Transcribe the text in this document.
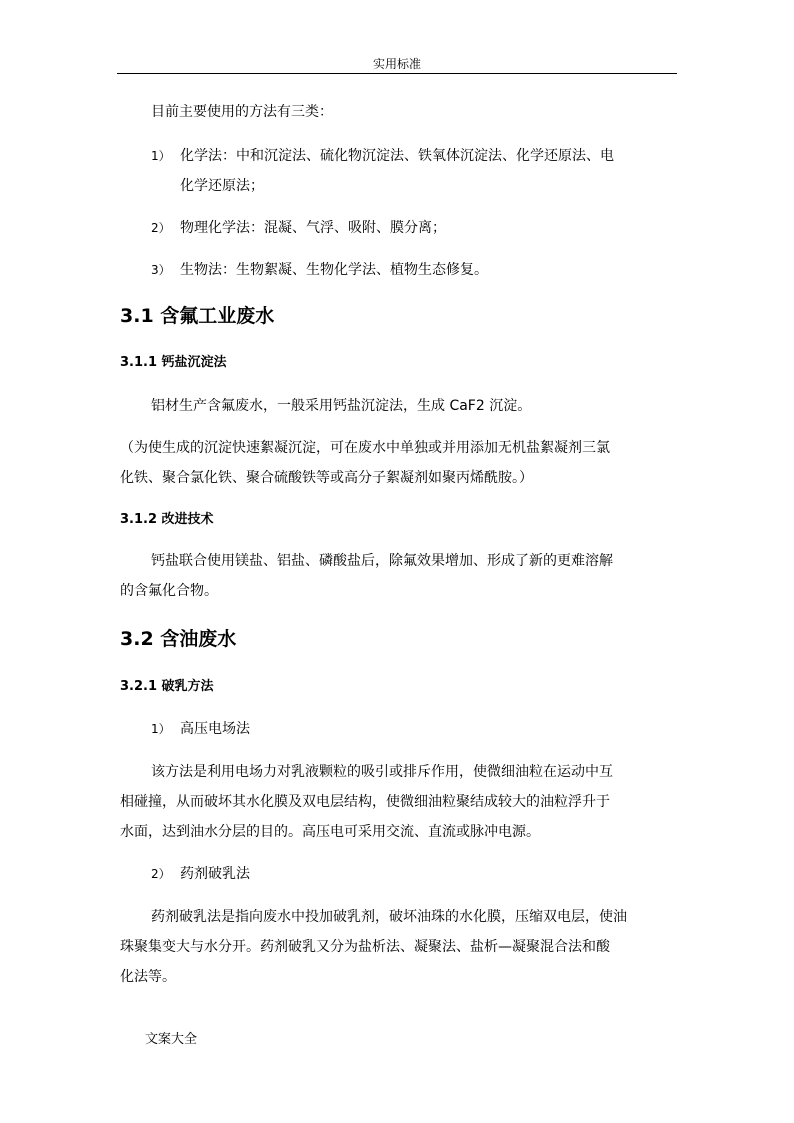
实用标准
目前主要使用的方法有三类：
1） 化学法：中和沉淀法、硫化物沉淀法、铁氧体沉淀法、化学还原法、电
化学还原法；
2） 物理化学法：混凝、气浮、吸附、膜分离；
3） 生物法：生物絮凝、生物化学法、植物生态修复。
3.1 含氟工业废水
3.1.1 钙盐沉淀法
铝材生产含氟废水，一般采用钙盐沉淀法，生成 CaF2 沉淀。
（为使生成的沉淀快速絮凝沉淀，可在废水中单独或并用添加无机盐絮凝剂三氯
化铁、聚合氯化铁、聚合硫酸铁等或高分子絮凝剂如聚丙烯酰胺。）
3.1.2 改进技术
钙盐联合使用镁盐、铝盐、磷酸盐后，除氟效果增加、形成了新的更难溶解
的含氟化合物。
3.2 含油废水
3.2.1 破乳方法
1） 高压电场法
该方法是利用电场力对乳液颗粒的吸引或排斥作用，使微细油粒在运动中互
相碰撞，从而破坏其水化膜及双电层结构，使微细油粒聚结成较大的油粒浮升于
水面，达到油水分层的目的。高压电可采用交流、直流或脉冲电源。
2） 药剂破乳法
药剂破乳法是指向废水中投加破乳剂，破坏油珠的水化膜，压缩双电层，使油
珠聚集变大与水分开。药剂破乳又分为盐析法、凝聚法、盐析—凝聚混合法和酸
化法等。
文案大全
